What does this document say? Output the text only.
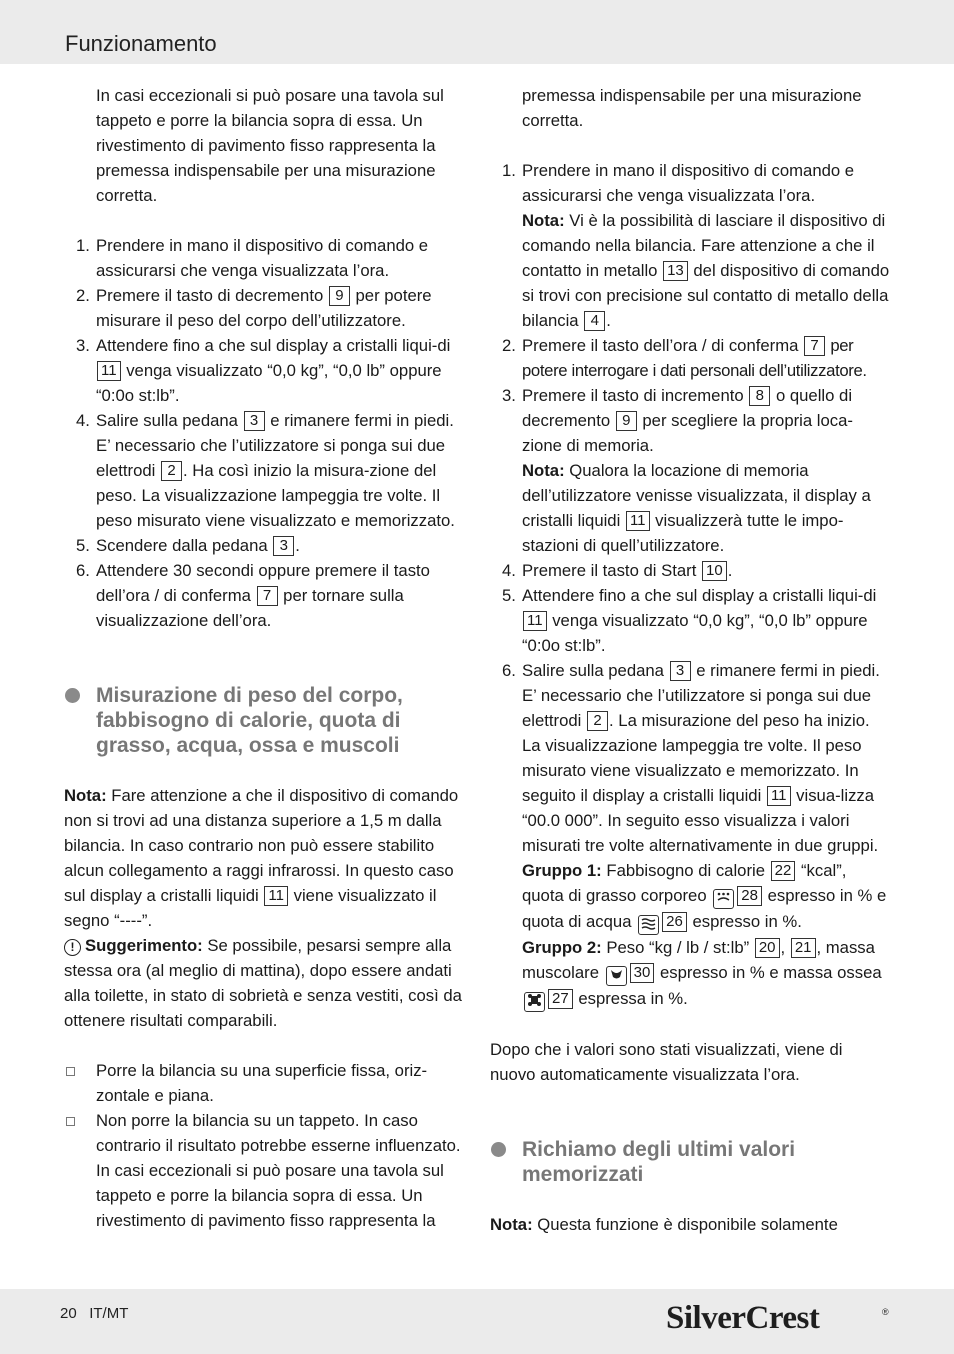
Funzionamento

In casi eccezionali si può posare una tavola sul tappeto e porre la bilancia sopra di essa. Un rivestimento di pavimento fisso rappresenta la premessa indispensabile per una misurazione corretta.

1. Prendere in mano il dispositivo di comando e assicurarsi che venga visualizzata l’ora.
2. Premere il tasto di decremento 9 per potere misurare il peso del corpo dell’utilizzatore.
3. Attendere fino a che sul display a cristalli liqui-di 11 venga visualizzato “0,0 kg”, “0,0 lb” oppure “0:0o st:lb”.
4. Salire sulla pedana 3 e rimanere fermi in piedi. E’ necessario che l’utilizzatore si ponga sui due elettrodi 2 . Ha così inizio la misura-zione del peso. La visualizzazione lampeggia tre volte. Il peso misurato viene visualizzato e memorizzato.
5. Scendere dalla pedana 3 .
6. Attendere 30 secondi oppure premere il tasto dell’ora / di conferma 7 per tornare sulla visualizzazione dell’ora.
Misurazione di peso del corpo, fabbisogno di calorie, quota di grasso, acqua, ossa e muscoli

Nota: Fare attenzione a che il dispositivo di comando non si trovi ad una distanza superiore a 1,5 m dalla bilancia. In caso contrario non può essere stabilito alcun collegamento a raggi infrarossi. In questo caso sul display a cristalli liquidi 11 viene visualizzato il segno “----”.

! Suggerimento: Se possibile, pesarsi sempre alla stessa ora (al meglio di mattina), dopo essere andati alla toilette, in stato di sobrietà e senza vestiti, così da ottenere risultati comparabili.

Porre la bilancia su una superficie fissa, oriz-zontale e piana.
Non porre la bilancia su un tappeto. In caso contrario il risultato potrebbe esserne influenzato. In casi eccezionali si può posare una tavola sul tappeto e porre la bilancia sopra di essa. Un rivestimento di pavimento fisso rappresenta la

premessa indispensabile per una misurazione corretta.

1. Prendere in mano il dispositivo di comando e assicurarsi che venga visualizzata l’ora.
Nota: Vi è la possibilità di lasciare il dispositivo di comando nella bilancia. Fare attenzione a che il contatto in metallo 13 del dispositivo di comando si trovi con precisione sul contatto di metallo della bilancia 4 .
2. Premere il tasto dell’ora / di conferma 7 per potere interrogare i dati personali dell’utilizzatore.
3. Premere il tasto di incremento 8 o quello di decremento 9 per scegliere la propria loca-zione di memoria.
Nota: Qualora la locazione di memoria dell’utilizzatore venisse visualizzata, il display a cristalli liquidi 11 visualizzerà tutte le impo-stazioni di quell’utilizzatore.
4. Premere il tasto di Start 10 .
5. Attendere fino a che sul display a cristalli liqui-di 11 venga visualizzato “0,0 kg”, “0,0 lb” oppure “0:0o st:lb”.
6. Salire sulla pedana 3 e rimanere fermi in piedi. E’ necessario che l’utilizzatore si ponga sui due elettrodi 2 . La misurazione del peso ha inizio. La visualizzazione lampeggia tre volte. Il peso misurato viene visualizzato e memorizzato. In seguito il display a cristalli liquidi 11 visua-lizza “00.0 000”. In seguito esso visualizza i valori misurati tre volte alternativamente in due gruppi.
Gruppo 1: Fabbisogno di calorie 22 “kcal”, quota di grasso corporeo 28 espresso in % e quota di acqua 26 espresso in %.
Gruppo 2: Peso “kg / lb / st:lb” 20 , 21 , massa muscolare 30 espresso in % e massa ossea 27 espressa in %.

Dopo che i valori sono stati visualizzati, viene di nuovo automaticamente visualizzata l’ora.

Richiamo degli ultimi valori memorizzati

Nota: Questa funzione è disponibile solamente

20 IT/MT	SilverCrest	®
